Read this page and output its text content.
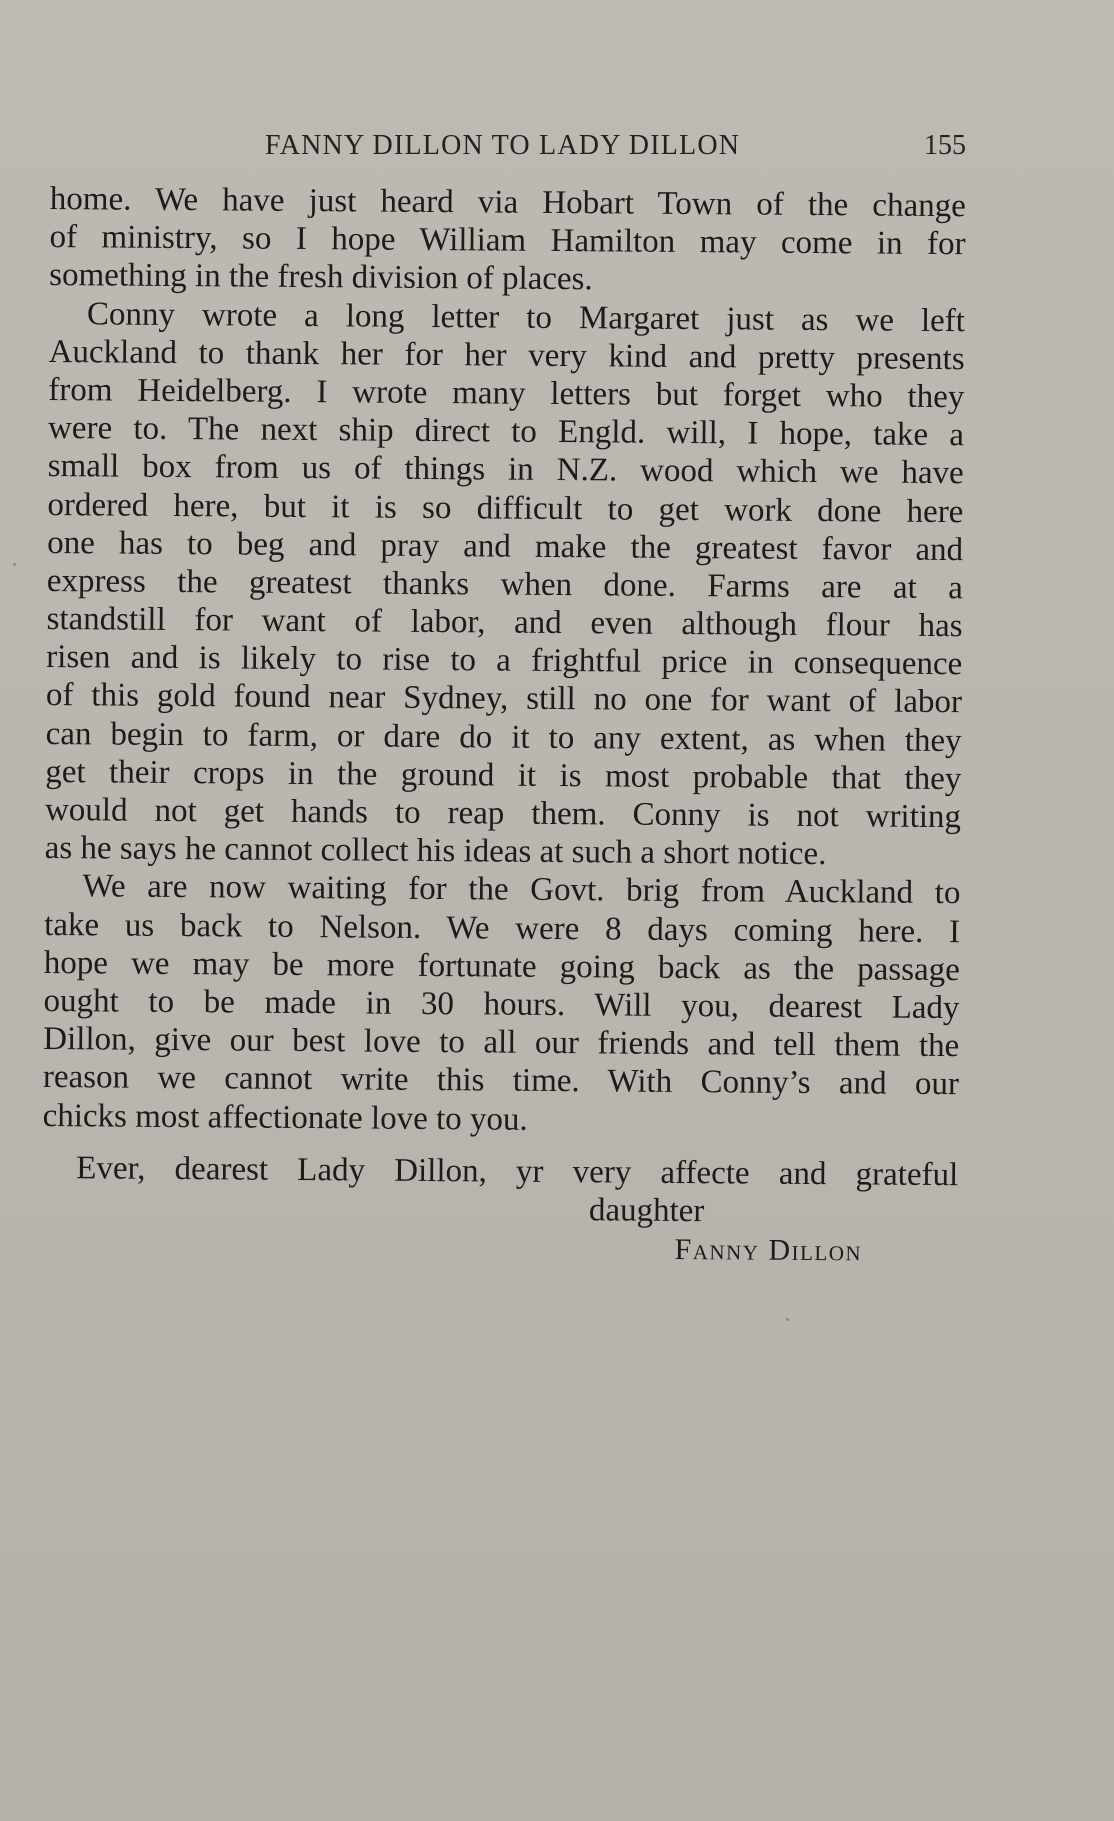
FANNY DILLON TO LADY DILLON	155
home. We have just heard via Hobart Town of the change
of ministry, so I hope William Hamilton may come in for
something in the fresh division of places.
Conny wrote a long letter to Margaret just as we left
Auckland to thank her for her very kind and pretty presents
from Heidelberg. I wrote many letters but forget who they
were to. The next ship direct to Engld. will, I hope, take a
small box from us of things in N.Z. wood which we have
ordered here, but it is so difficult to get work done here
one has to beg and pray and make the greatest favor and
express the greatest thanks when done. Farms are at a
standstill for want of labor, and even although flour has
risen and is likely to rise to a frightful price in consequence
of this gold found near Sydney, still no one for want of labor
can begin to farm, or dare do it to any extent, as when they
get their crops in the ground it is most probable that they
would not get hands to reap them. Conny is not writing
as he says he cannot collect his ideas at such a short notice.
We are now waiting for the Govt. brig from Auckland to
take us back to Nelson. We were 8 days coming here. I
hope we may be more fortunate going back as the passage
ought to be made in 30 hours. Will you, dearest Lady
Dillon, give our best love to all our friends and tell them the
reason we cannot write this time. With Conny’s and our
chicks most affectionate love to you.
Ever, dearest Lady Dillon, yr very affecte and grateful
daughter
Fanny Dillon
